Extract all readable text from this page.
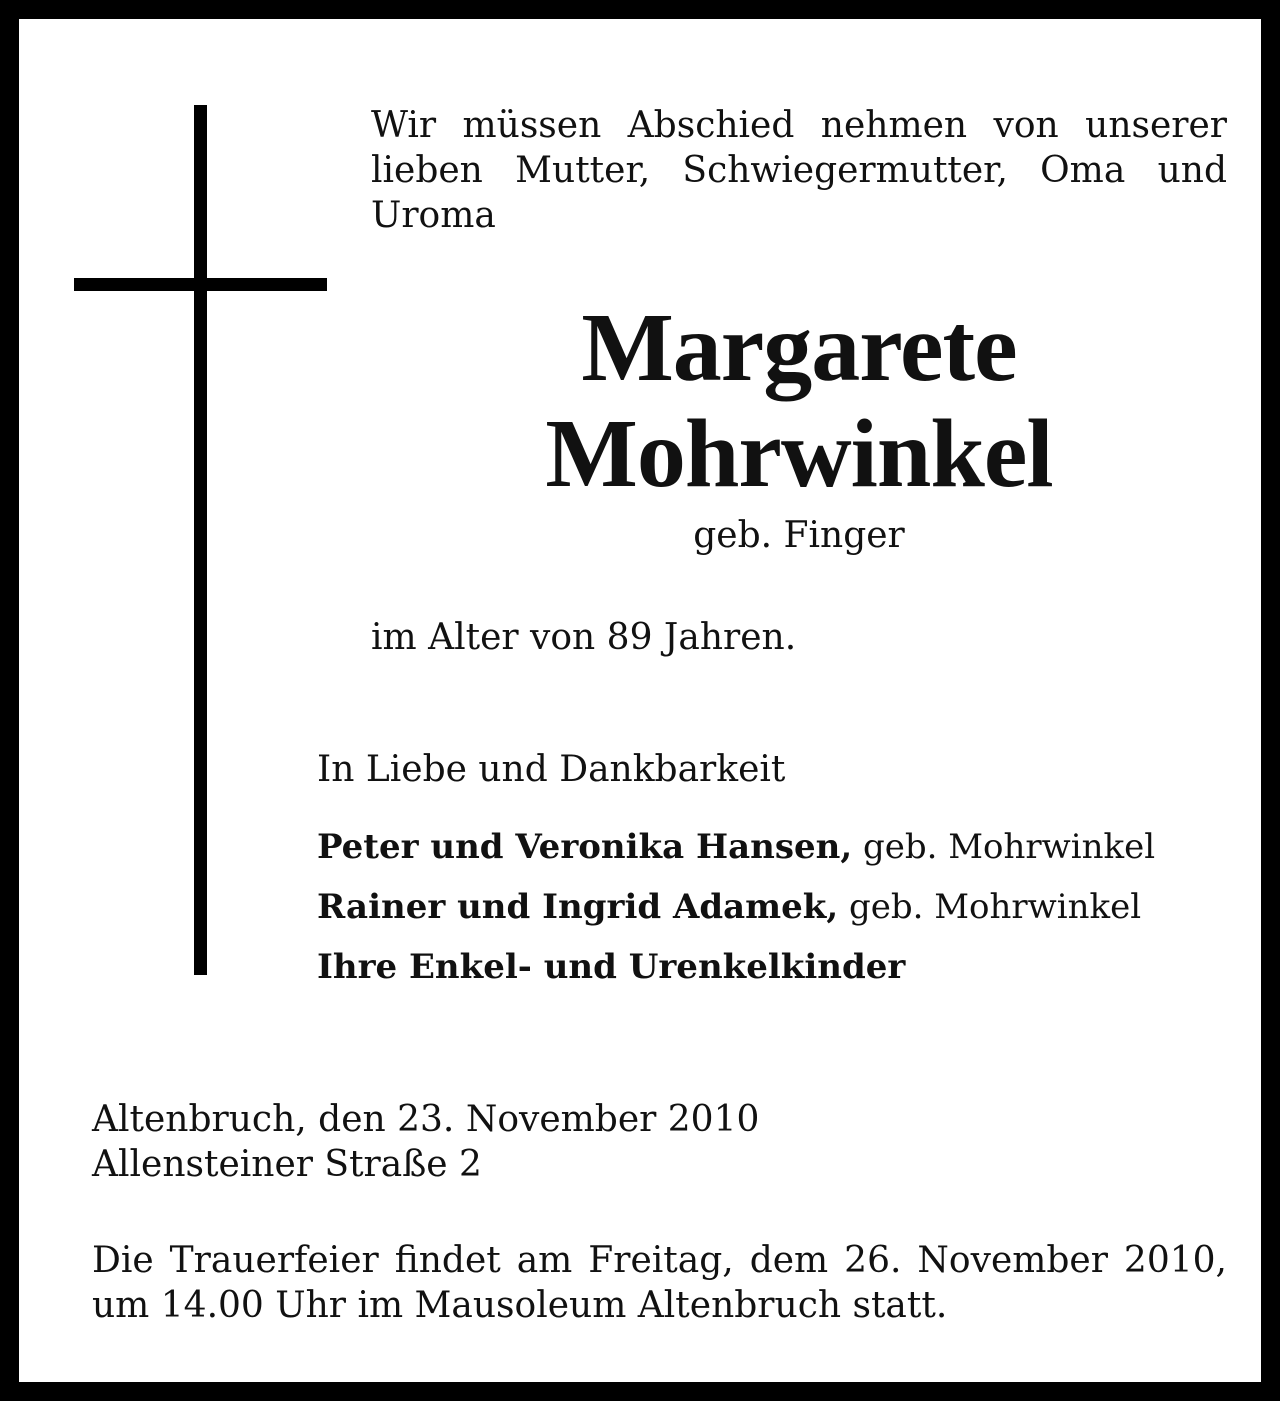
Wir müssen Abschied nehmen von unserer lieben Mutter, Schwiegermutter, Oma und Uroma

Margarete
Mohrwinkel

geb. Finger

im Alter von 89 Jahren.

In Liebe und Dankbarkeit

Peter und Veronika Hansen, geb. Mohrwinkel
Rainer und Ingrid Adamek, geb. Mohrwinkel
Ihre Enkel- und Urenkelkinder
Altenbruch, den 23. November 2010
Allensteiner Straße 2

Die Trauerfeier findet am Freitag, dem 26. November 2010, um 14.00 Uhr im Mausoleum Altenbruch statt.
